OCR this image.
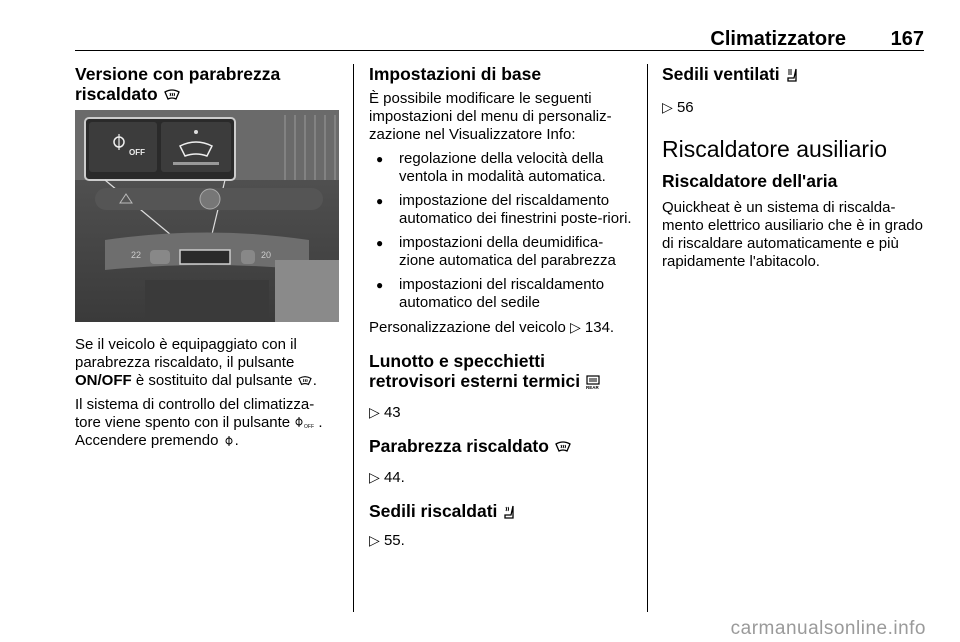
Climatizzatore 167
Versione con parabrezza riscaldato
OFF
22	20

Se il veicolo è equipaggiato con il parabrezza riscaldato, il pulsante ON/OFF è sostituito dal pulsante .

Il sistema di controllo del climatizza-tore viene spento con il pulsante	OFF .
Accendere premendo .

Impostazioni di base

È possibile modificare le seguenti impostazioni del menu di personaliz-zazione nel Visualizzatore Info:

● regolazione della velocità della ventola in modalità automatica.
● impostazione del riscaldamento automatico dei finestrini poste-riori.
● impostazioni della deumidifica-zione automatica del parabrezza
● impostazioni del riscaldamento automatico del sedile

Personalizzazione del veicolo ▷ 134.

Lunotto e specchietti retrovisori esterni termici REAR

▷ 43

Parabrezza riscaldato

▷ 44.

Sedili riscaldati

▷ 55.

Sedili ventilati

▷ 56

Riscaldatore ausiliario
Riscaldatore dell'aria

Quickheat è un sistema di riscalda-mento elettrico ausiliario che è in grado di riscaldare automaticamente e più rapidamente l'abitacolo.

carmanualsonline.info
